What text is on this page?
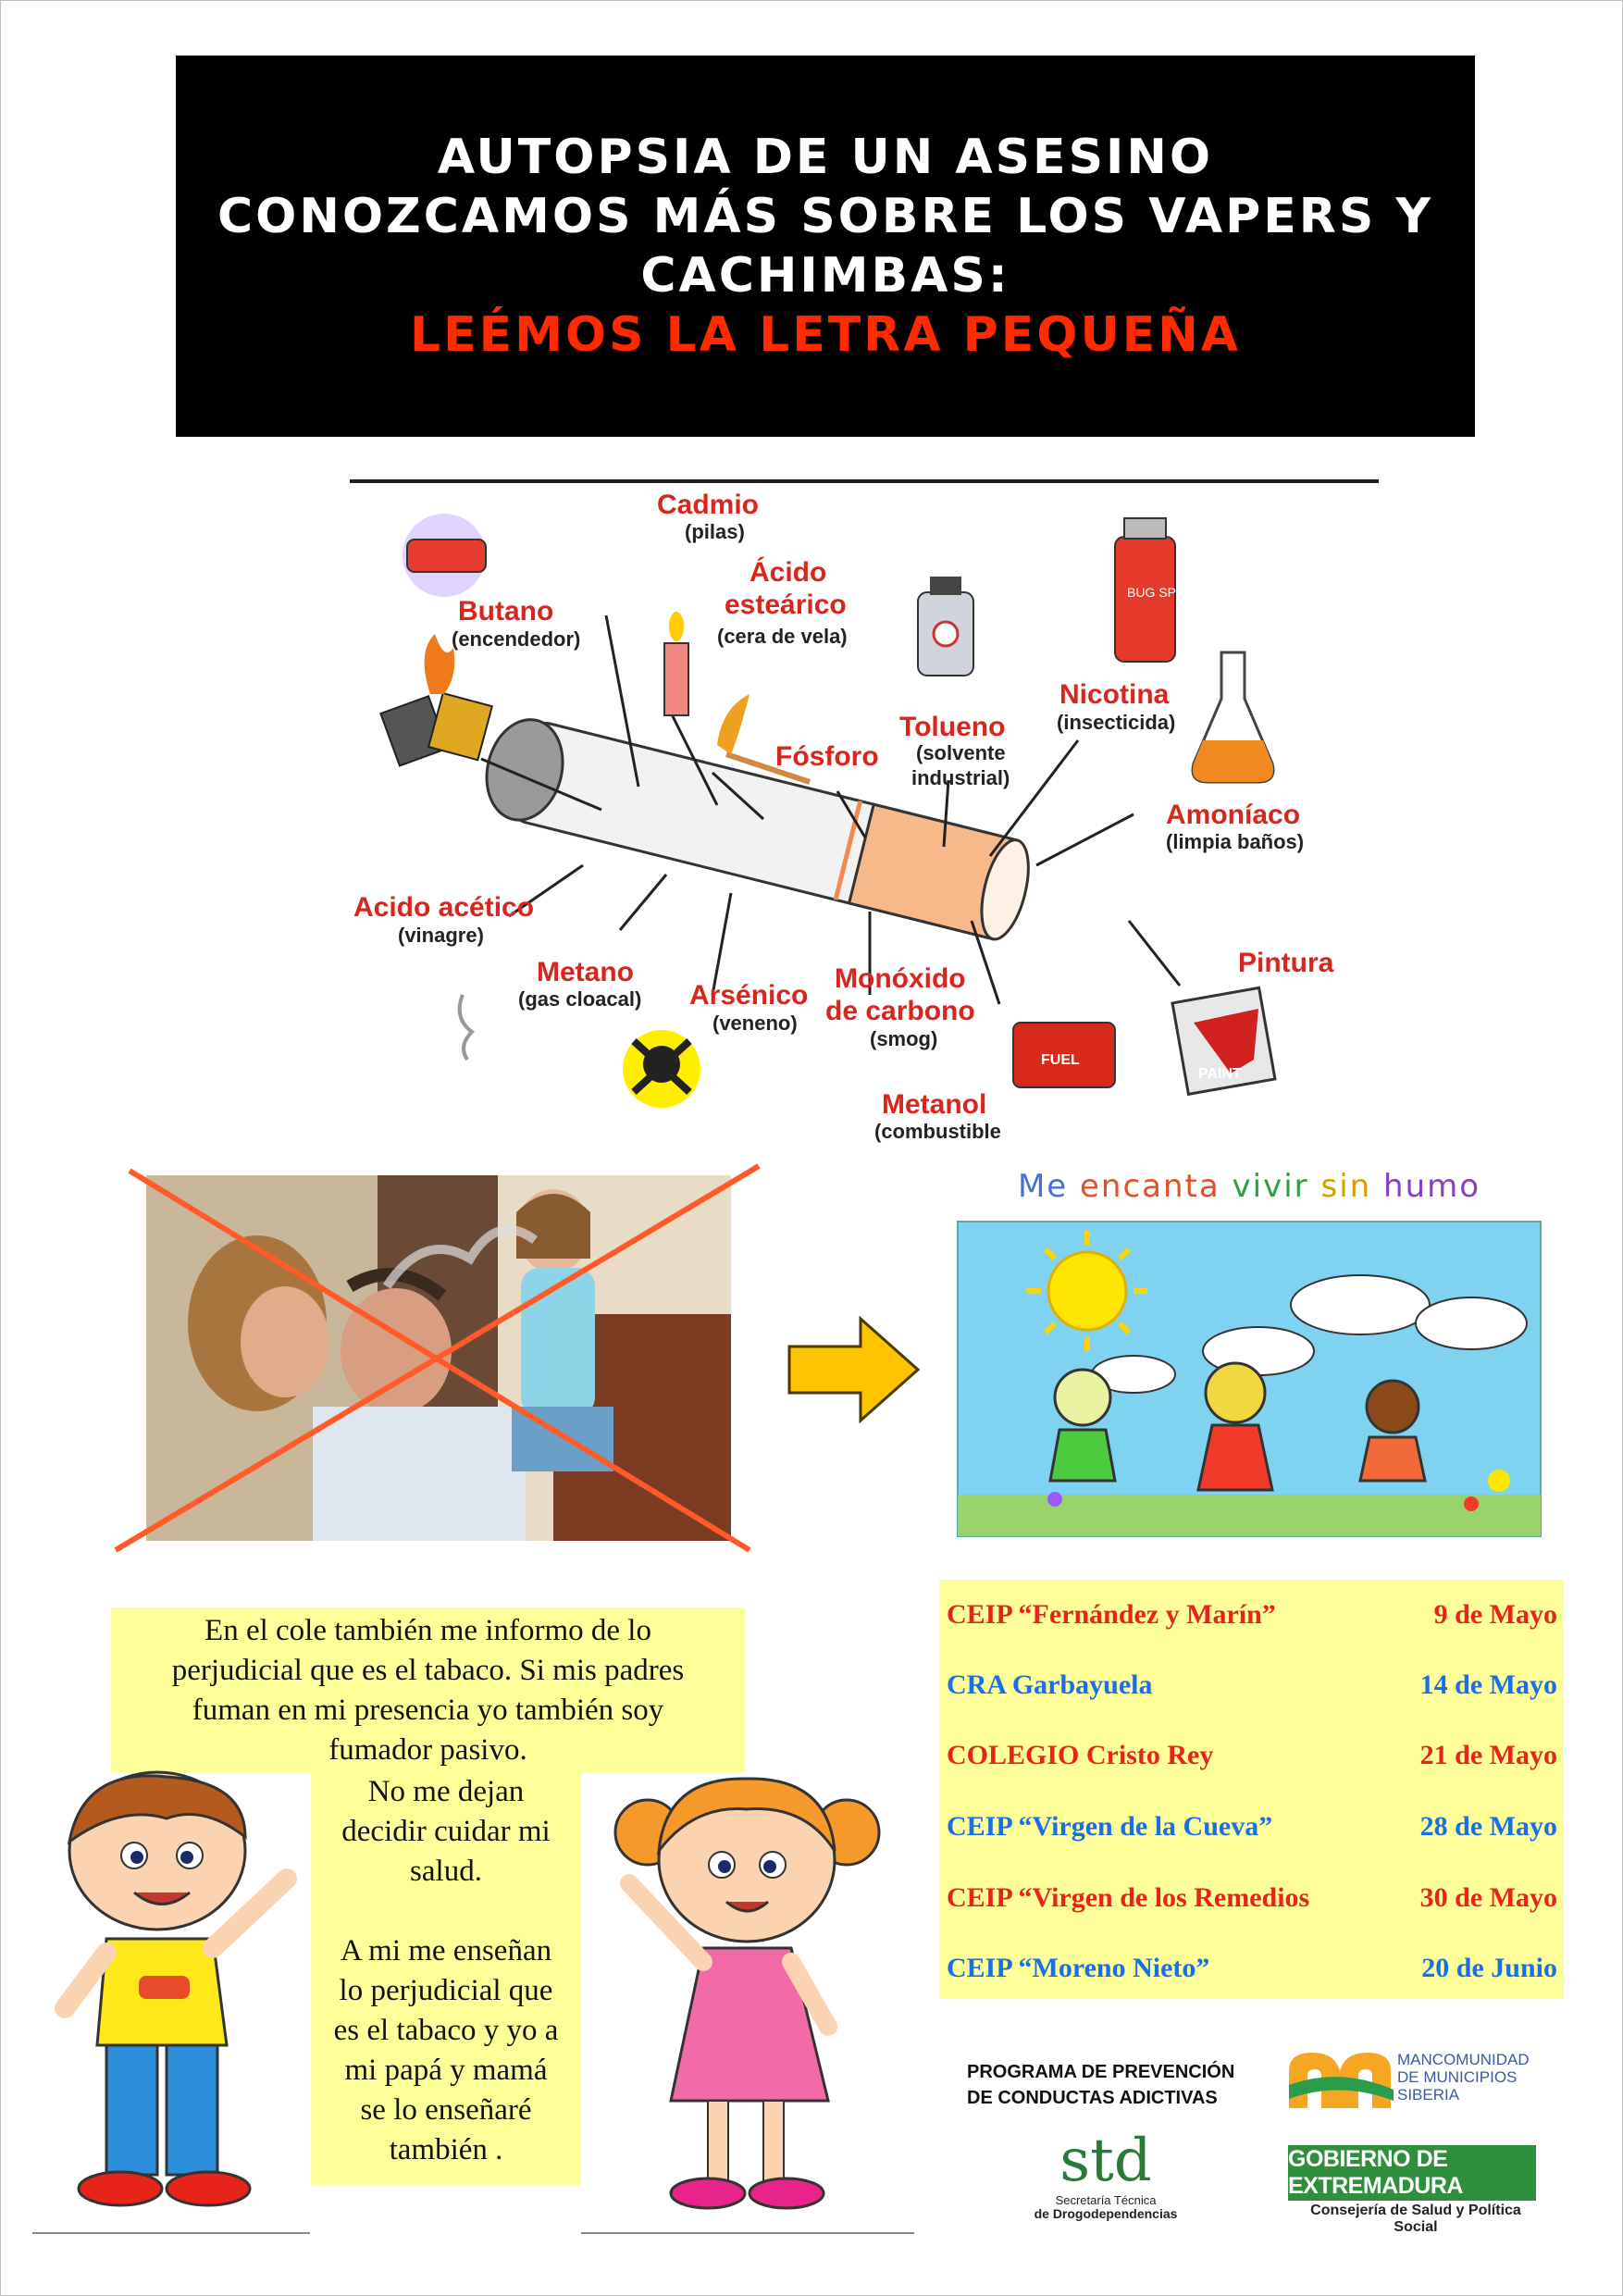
AUTOPSIA DE UN ASESINO
CONOZCAMOS MÁS SOBRE LOS VAPERS Y
CACHIMBAS:
LEÉMOS LA LETRA PEQUEÑA
BUG SPRAY
FUEL
PAINT
Cadmio
(pilas)
Ácido
esteárico
(cera de vela)
Butano
(encendedor)
Tolueno
(solvente
industrial)
Nicotina
(insecticida)
Fósforo
Amoníaco
(limpia baños)
Acido acético
(vinagre)
Metano
(gas cloacal) Arsénico
(veneno)
Monóxido
de carbono
(smog)
Pintura
Metanol
(combustible
Me encanta vivir sin humo
CEIP “Fernández y Marín”	9 de Mayo
CRA Garbayuela	14 de Mayo
COLEGIO Cristo Rey	21 de Mayo
CEIP “Virgen de la Cueva”	28 de Mayo
CEIP “Virgen de los Remedios	30 de Mayo
CEIP “Moreno Nieto”	20 de Junio
En el cole también me informo de lo
perjudicial que es el tabaco. Si mis padres
fuman en mi presencia yo también soy
fumador pasivo.

No me dejan

decidir cuidar mi

salud.

A mi me enseñan

lo perjudicial que

es el tabaco y yo a

mi papá y mamá

se lo enseñaré

también .

PROGRAMA DE PREVENCIÓN
DE CONDUCTAS ADICTIVAS
std
Secretaría Técnica
de Drogodependencias
MANCOMUNIDAD
DE MUNICIPIOS
SIBERIA
GOBIERNO DE EXTREMADURA
Consejería de Salud y Política Social
